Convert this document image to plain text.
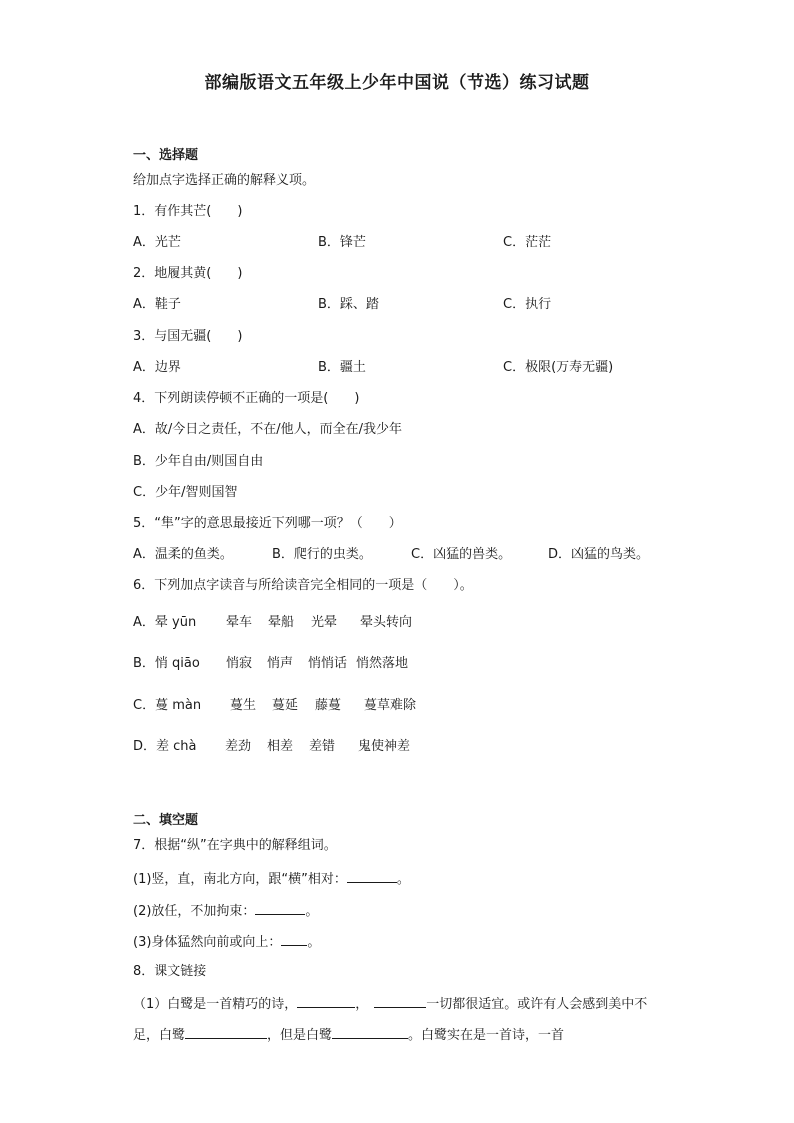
部编版语文五年级上少年中国说（节选）练习试题
一、选择题
给加点字选择正确的解释义项。
1．有作其芒(　　)
A．光芒	B．锋芒	C．茫茫
2．地履其黄(　　)
A．鞋子	B．踩、踏	C．执行
3．与国无疆(　　)
A．边界	B．疆土	C．极限(万寿无疆)
4．下列朗读停顿不正确的一项是(　　)
A．故/今日之责任，不在/他人，而全在/我少年
B．少年自由/则国自由
C．少年/智则国智
5．“隼”字的意思最接近下列哪一项？（　　）
A．温柔的鱼类。	B．爬行的虫类。	C．凶猛的兽类。	D．凶猛的鸟类。
6．下列加点字读音与所给读音完全相同的一项是（　　）。
A．晕 yūn 晕车 晕船 光晕 晕头转向
B．悄 qiāo 悄寂 悄声 悄悄话 悄然落地
C．蔓 màn 蔓生 蔓延 藤蔓 蔓草难除
D．差 chà 差劲 相差 差错 鬼使神差
二、填空题
7．根据“纵”在字典中的解释组词。
(1)竖，直，南北方向，跟“横”相对：	。
(2)放任，不加拘束：	。
(3)身体猛然向前或向上： 。
8．课文链接
（1）白鹭是一首精巧的诗，	，	一切都很适宜。或许有人会感到美中不
足，白鹭	，但是白鹭	。白鹭实在是一首诗，一首
